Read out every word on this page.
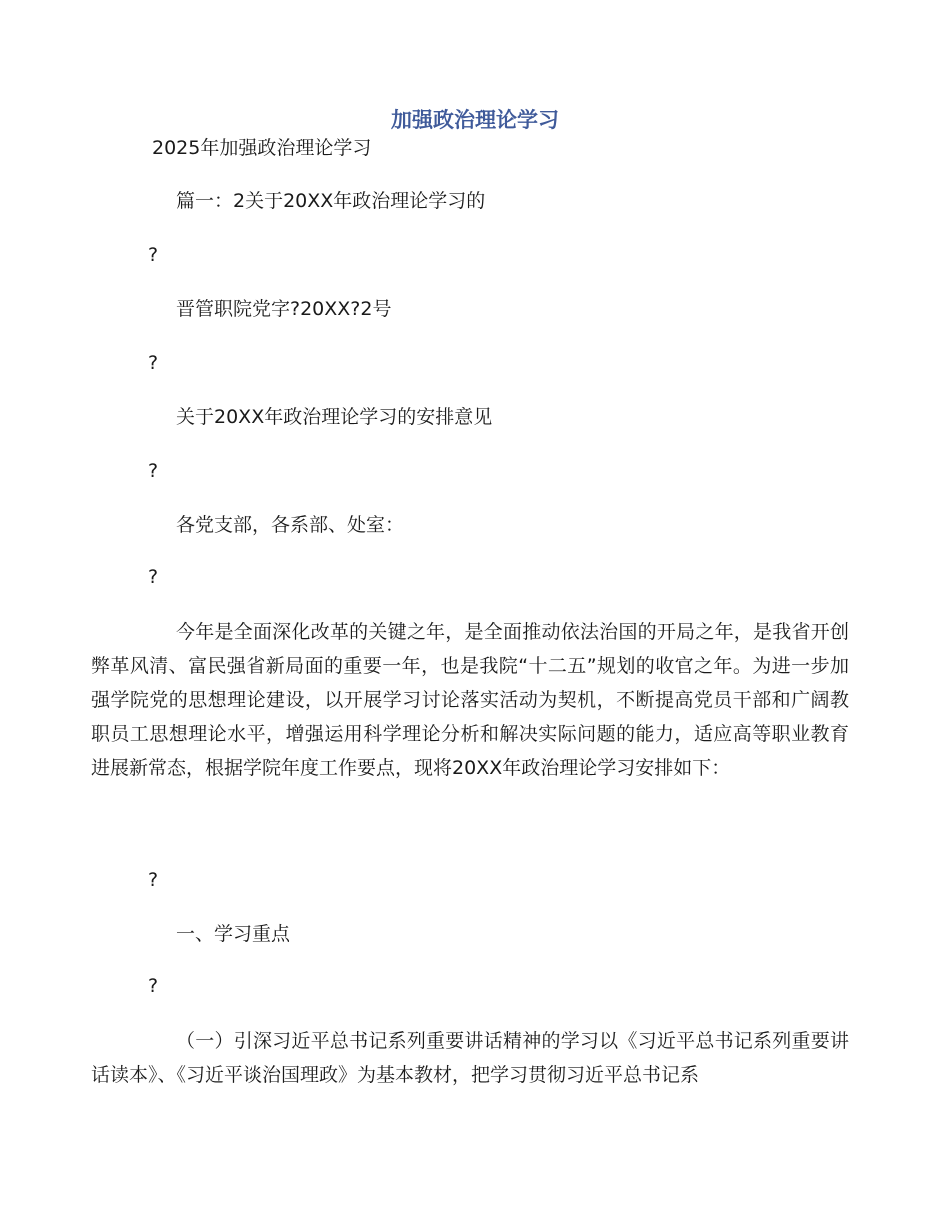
加强政治理论学习
2025年加强政治理论学习
篇一：2关于20XX年政治理论学习的
?
晋管职院党字?20XX?2号
?
关于20XX年政治理论学习的安排意见
?
各党支部，各系部、处室：
?
今年是全面深化改革的关键之年，是全面推动依法治国的开局之年，是我省开创弊革风清、富民强省新局面的重要一年，也是我院“十二五”规划的收官之年。为进一步加强学院党的思想理论建设，以开展学习讨论落实活动为契机，不断提高党员干部和广阔教职员工思想理论水平，增强运用科学理论分析和解决实际问题的能力，适应高等职业教育进展新常态，根据学院年度工作要点，现将20XX年政治理论学习安排如下：
?
一、学习重点
?
（一）引深习近平总书记系列重要讲话精神的学习以《习近平总书记系列重要讲话读本》、《习近平谈治国理政》为基本教材，把学习贯彻习近平总书记系
